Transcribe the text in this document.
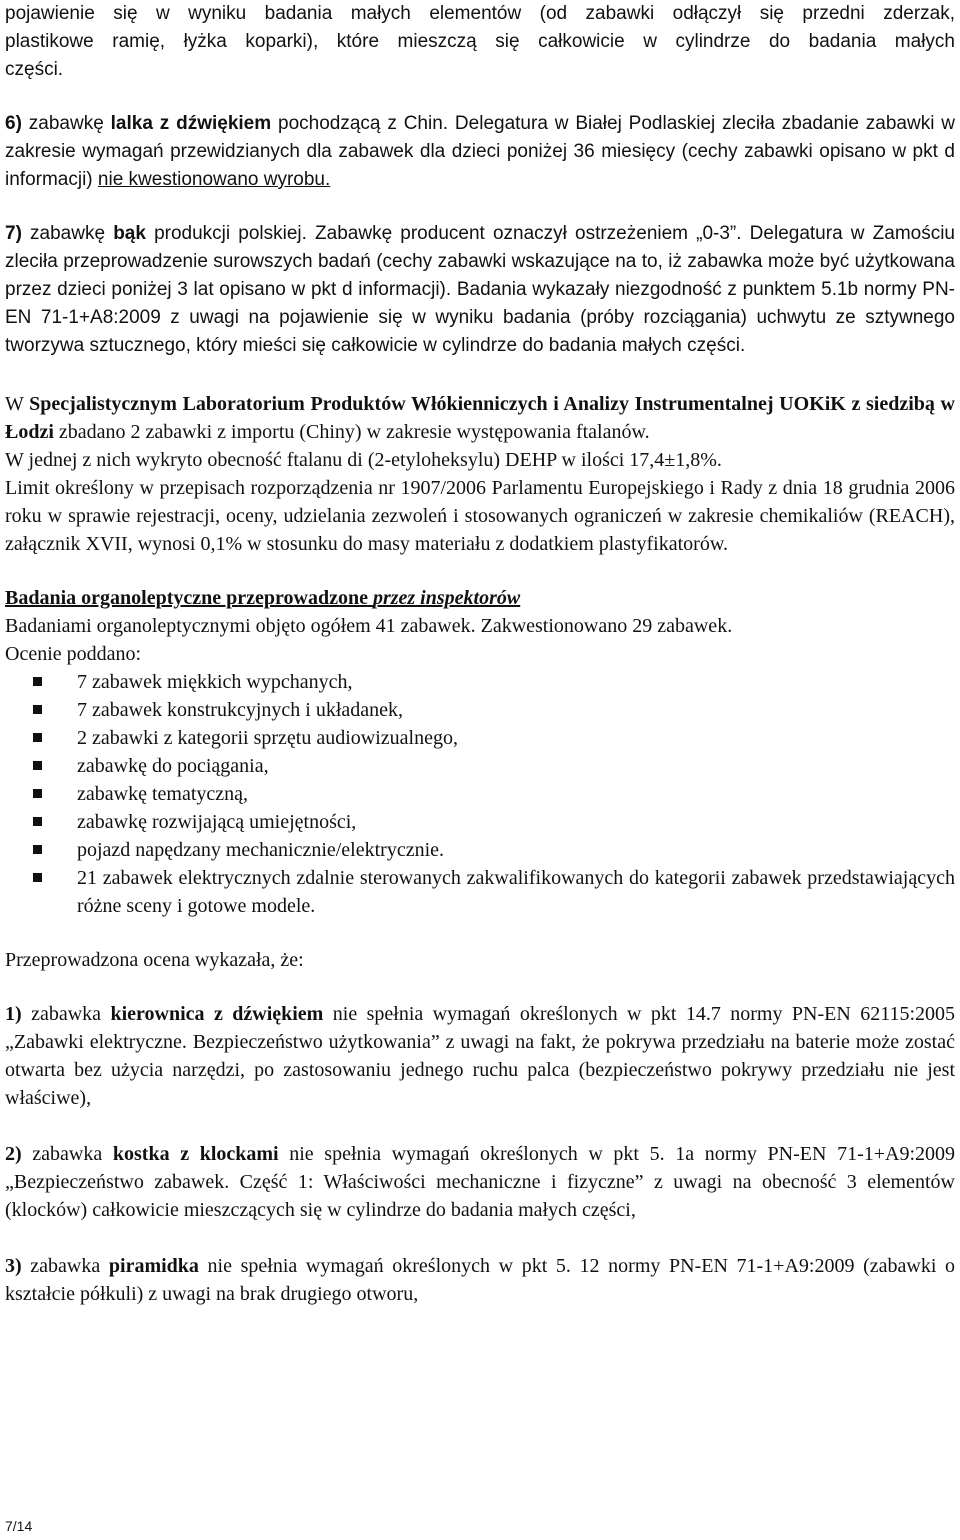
pojawienie się w wyniku badania małych elementów (od zabawki odłączył się przedni zderzak,

plastikowe ramię, łyżka koparki), które mieszczą się całkowicie w cylindrze do badania małych

części.

6) zabawkę lalka z dźwiękiem pochodzącą z Chin. Delegatura w Białej Podlaskiej zleciła zbadanie zabawki w zakresie wymagań przewidzianych dla zabawek dla dzieci poniżej 36 miesięcy (cechy zabawki opisano w pkt d informacji) nie kwestionowano wyrobu.

7) zabawkę bąk produkcji polskiej. Zabawkę producent oznaczył ostrzeżeniem „0-3”. Delegatura w Zamościu zleciła przeprowadzenie surowszych badań (cechy zabawki wskazujące na to, iż zabawka może być użytkowana przez dzieci poniżej 3 lat opisano w pkt d informacji). Badania wykazały niezgodność z punktem 5.1b normy PN-EN 71-1+A8:2009 z uwagi na pojawienie się w wyniku badania (próby rozciągania) uchwytu ze sztywnego tworzywa sztucznego, który mieści się całkowicie w cylindrze do badania małych części.

W Specjalistycznym Laboratorium Produktów Włókienniczych i Analizy Instrumentalnej UOKiK z siedzibą w Łodzi zbadano 2 zabawki z importu (Chiny) w zakresie występowania ftalanów.

W jednej z nich wykryto obecność ftalanu di (2-etyloheksylu) DEHP w ilości 17,4±1,8%.

Limit określony w przepisach rozporządzenia nr 1907/2006 Parlamentu Europejskiego i Rady z dnia 18 grudnia 2006 roku w sprawie rejestracji, oceny, udzielania zezwoleń i stosowanych ograniczeń w zakresie chemikaliów (REACH), załącznik XVII, wynosi 0,1% w stosunku do masy materiału z dodatkiem plastyfikatorów.

Badania organoleptyczne przeprowadzone przez inspektorów

Badaniami organoleptycznymi objęto ogółem 41 zabawek. Zakwestionowano 29 zabawek.

Ocenie poddano:

7 zabawek miękkich wypchanych,
7 zabawek konstrukcyjnych i układanek,
2 zabawki z kategorii sprzętu audiowizualnego,
zabawkę do pociągania,
zabawkę tematyczną,
zabawkę rozwijającą umiejętności,
pojazd napędzany mechanicznie/elektrycznie.
21 zabawek elektrycznych zdalnie sterowanych zakwalifikowanych do kategorii zabawek przedstawiających różne sceny i gotowe modele.

Przeprowadzona ocena wykazała, że:

1) zabawka kierownica z dźwiękiem nie spełnia wymagań określonych w pkt 14.7 normy PN-EN 62115:2005 „Zabawki elektryczne. Bezpieczeństwo użytkowania” z uwagi na fakt, że pokrywa przedziału na baterie może zostać otwarta bez użycia narzędzi, po zastosowaniu jednego ruchu palca (bezpieczeństwo pokrywy przedziału nie jest właściwe),

2) zabawka kostka z klockami nie spełnia wymagań określonych w pkt 5. 1a normy PN-EN 71-1+A9:2009 „Bezpieczeństwo zabawek. Część 1: Właściwości mechaniczne i fizyczne” z uwagi na obecność 3 elementów (klocków) całkowicie mieszczących się w cylindrze do badania małych części,

3) zabawka piramidka nie spełnia wymagań określonych w pkt 5. 12 normy PN-EN 71-1+A9:2009 (zabawki o kształcie półkuli) z uwagi na brak drugiego otworu,

7/14
